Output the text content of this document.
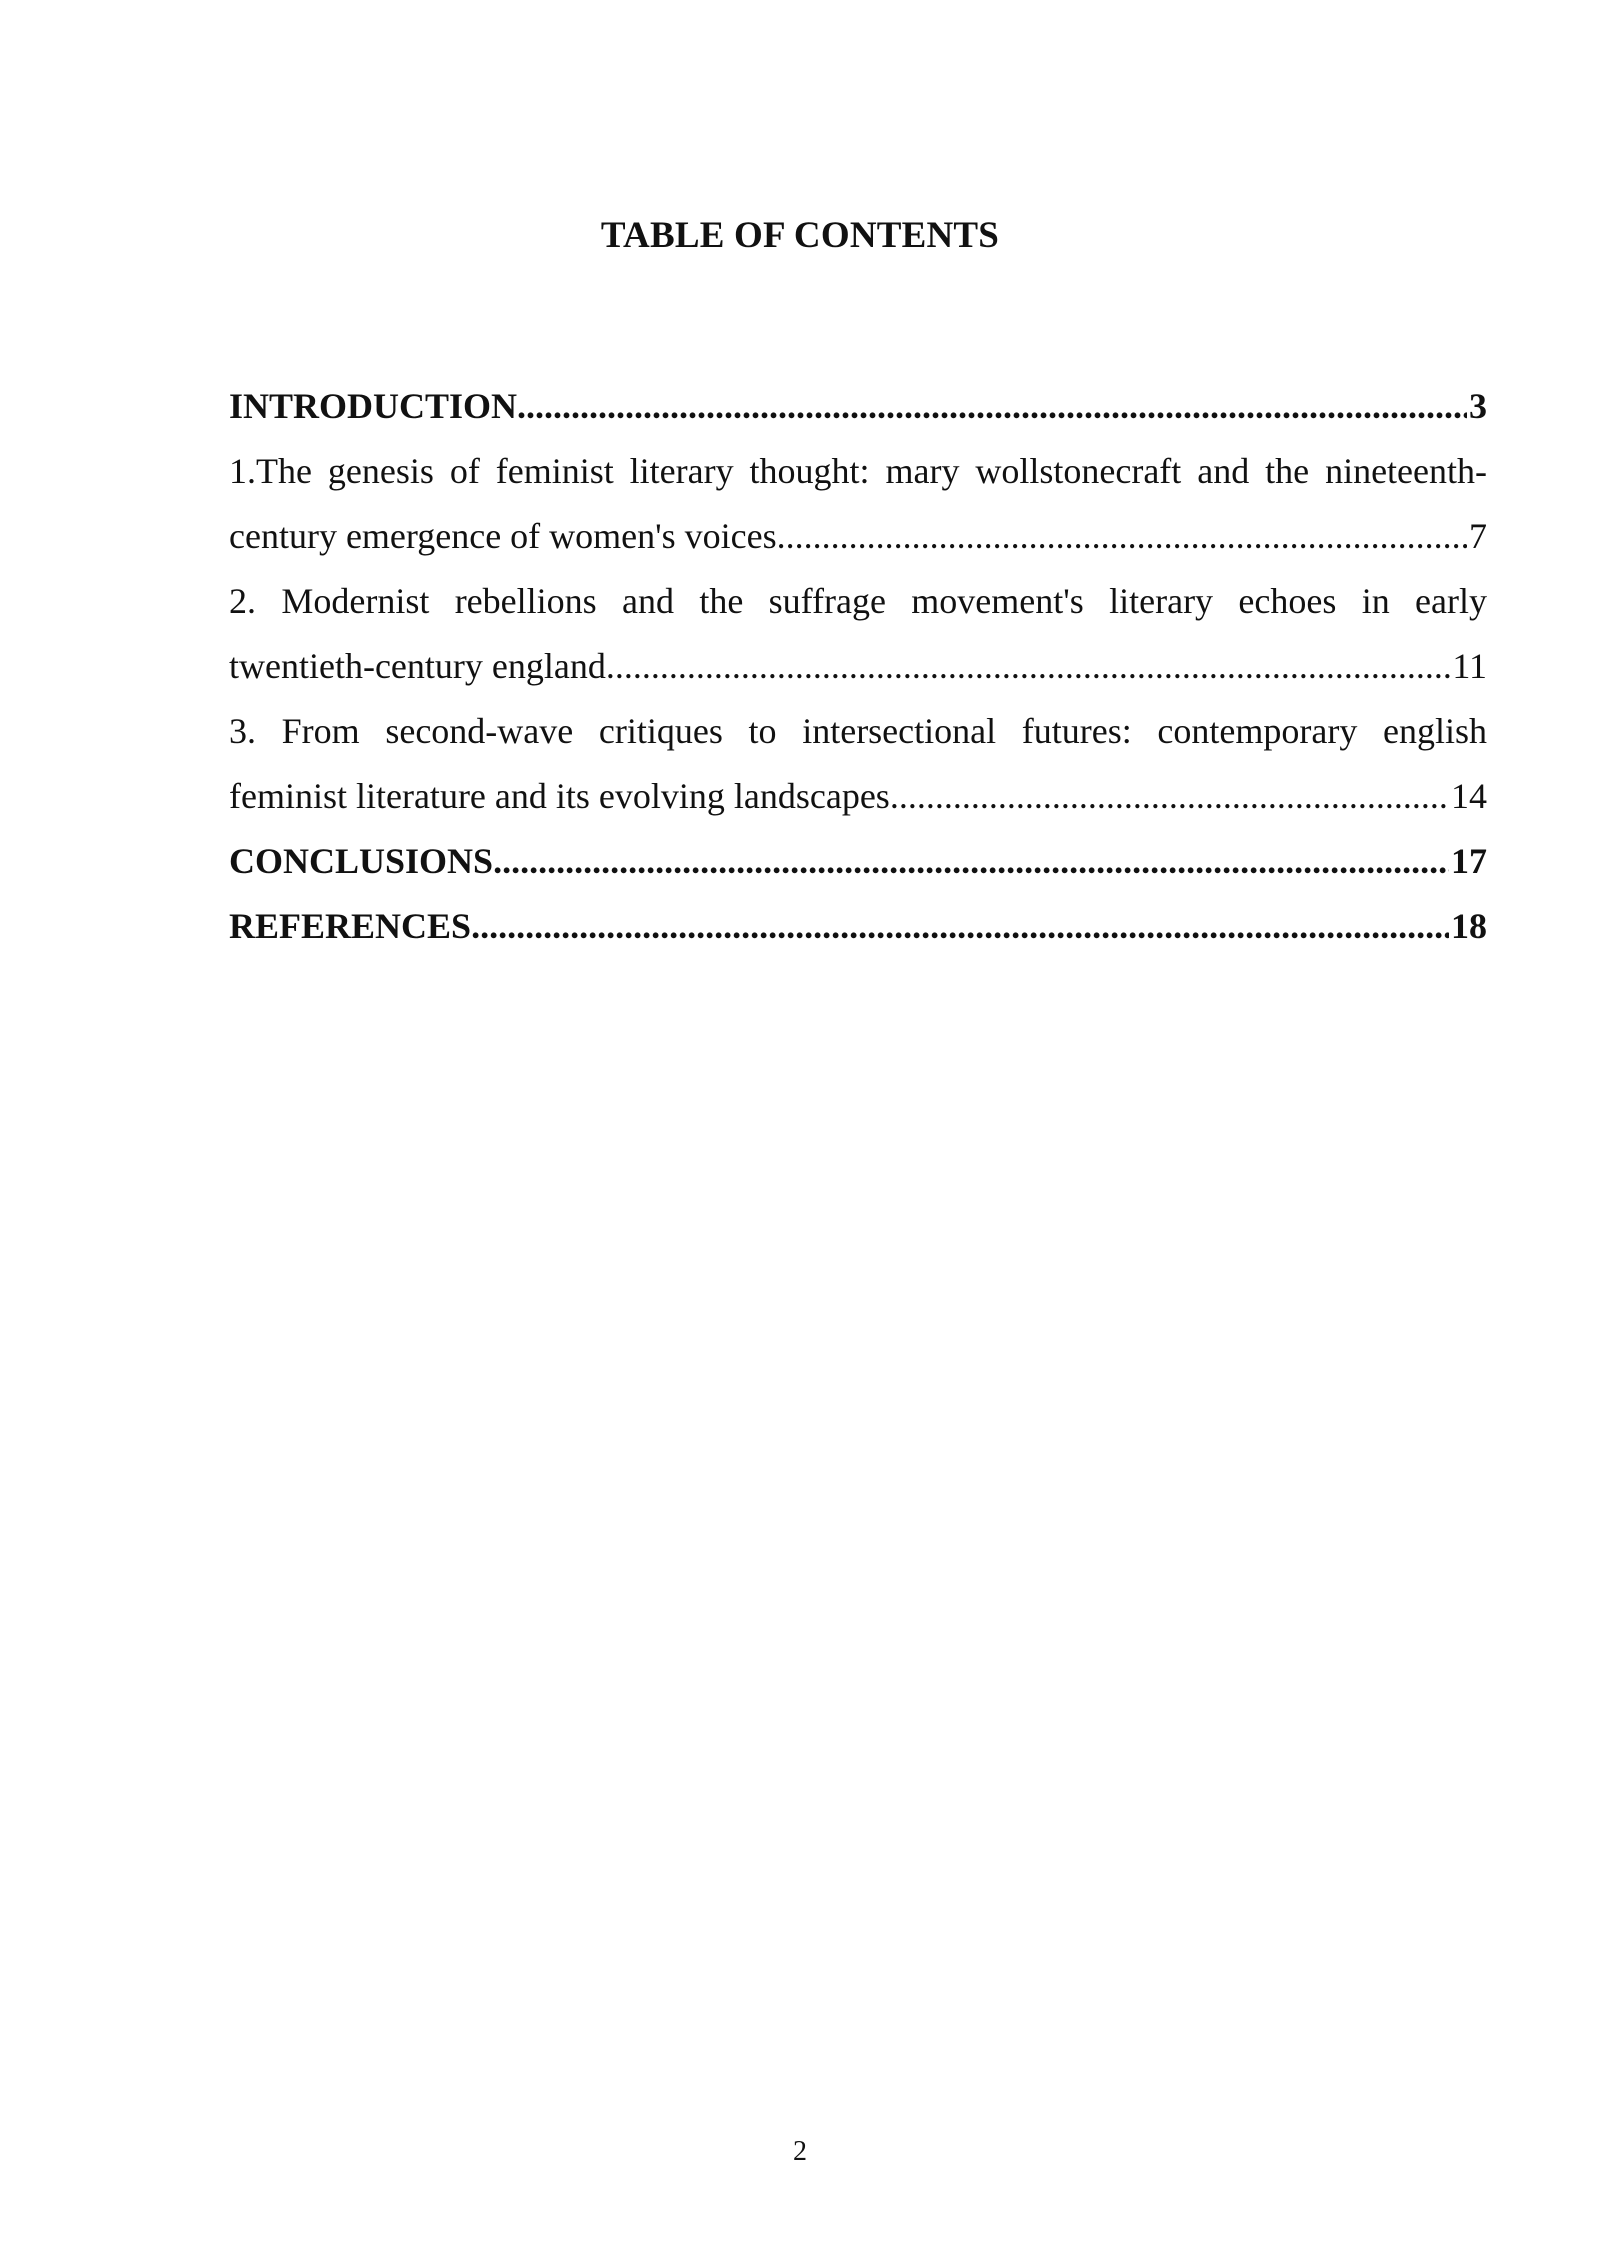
TABLE OF CONTENTS
INTRODUCTION .....	3
1.The genesis of feminist literary thought: mary wollstonecraft and the nineteenth-
century emergence of women's voices .....	7
2. Modernist rebellions and the suffrage movement's literary echoes in early
twentieth-century england .....	11
3. From second-wave critiques to intersectional futures: contemporary english
feminist literature and its evolving landscapes .....	14
CONCLUSIONS .....	17
REFERENCES .....	18
2
